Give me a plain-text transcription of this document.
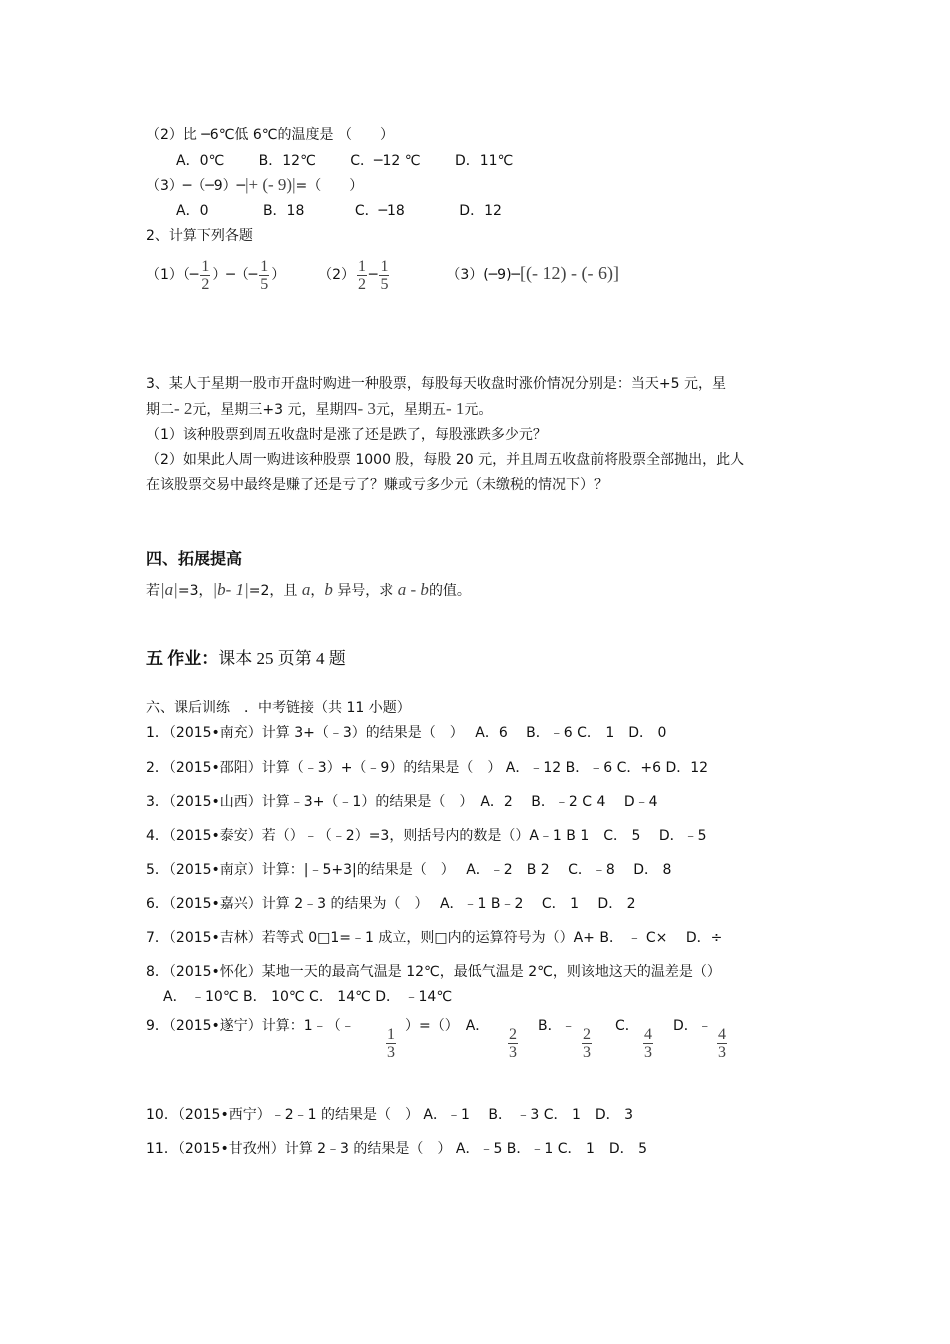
（2）比 ─6℃低 6℃的温度是 （　　）
A．0℃ B．12℃ C．─12 ℃ D．11℃
（3）─（─9）─|+ (- 9)|=（　　）
A．0	B．18	C．─18	D．12
2、计算下列各题
（1）（─ $\frac{1}{2}$ ）─（─ $\frac{1}{5}$ ） $(2) \frac{1}{2}$ ─ $\frac{1}{5}$	（3）(─9)─[(- 12) - (- 6)]
3、某人于星期一股市开盘时购进一种股票，每股每天收盘时涨价情况分别是：当天+5 元，星
期二- 2元，星期三+3 元，星期四- 3元，星期五- 1元。
（1）该种股票到周五收盘时是涨了还是跌了，每股涨跌多少元？
（2）如果此人周一购进该种股票 1000 股，每股 20 元，并且周五收盘前将股票全部抛出，此人
在该股票交易中最终是赚了还是亏了？赚或亏多少元（未缴税的情况下）？
四、拓展提高
若|a|=3，|b- 1|=2，且 a，b 异号，求 a - b的值。
五 作业：课本 25 页第 4 题
六、课后训练　．中考链接（共 11 小题）
1．（2015•南充）计算 3+（﹣3）的结果是（　）　 A．6　 B．﹣6 C． 1　D． 0
2．（2015•邵阳）计算（﹣3）+（﹣9）的结果是（　） A．﹣12 B．﹣6 C．+6 D．12
3．（2015•山西）计算﹣3+（﹣1）的结果是（　）　A．2　 B．﹣2 C 4　 D﹣4
4．（2015•泰安）若（）﹣（﹣2）=3，则括号内的数是（）A﹣1 B 1　C． 5　 D．﹣5
5．（2015•南京）计算：|﹣5+3|的结果是（　）　 A．﹣2　B 2　 C．﹣8　 D． 8
6．（2015•嘉兴）计算 2﹣3 的结果为（　）　 A．﹣1 B﹣2　 C． 1　 D． 2
7．（2015•吉林）若等式 0□1=﹣1 成立，则□内的运算符号为（）A+ B． ﹣ C×　 D．÷
8．（2015•怀化）某地一天的最高气温是 12℃，最低气温是 2℃，则该地这天的温差是（）
A． ﹣10℃ B． 10℃ C． 14℃ D． ﹣14℃
9．（2015•遂宁）计算：1﹣（﹣ $\frac{1}{3}$ ）=（）　A． $\frac{2}{3}$ B．﹣ $\frac{2}{3}$ C． $\frac{4}{3}$ D．﹣ $\frac{4}{3}$
10．（2015•西宁）﹣2﹣1 的结果是（　） A．﹣1　 B． ﹣3 C． 1　D． 3
11．（2015•甘孜州）计算 2﹣3 的结果是（　） A．﹣5 B．﹣1 C． 1　D． 5
